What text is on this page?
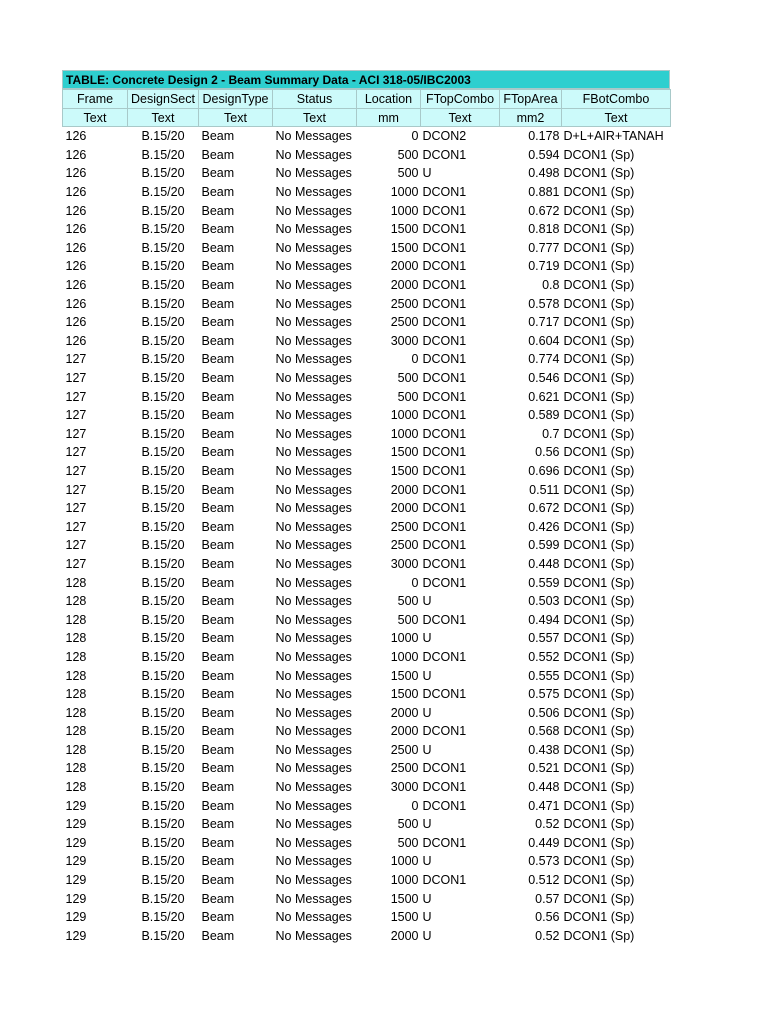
TABLE: Concrete Design 2 - Beam Summary Data - ACI 318-05/IBC2003
Frame	DesignSect	DesignType	Status	Location	FTopCombo	FTopArea	FBotCombo
Text	Text	Text	Text	mm	Text	mm2	Text
126	B.15/20	Beam	No Messages	0	DCON2	0.178	D+L+AIR+TANAH
126	B.15/20	Beam	No Messages	500	DCON1	0.594	DCON1 (Sp)
126	B.15/20	Beam	No Messages	500	U	0.498	DCON1 (Sp)
126	B.15/20	Beam	No Messages	1000	DCON1	0.881	DCON1 (Sp)
126	B.15/20	Beam	No Messages	1000	DCON1	0.672	DCON1 (Sp)
126	B.15/20	Beam	No Messages	1500	DCON1	0.818	DCON1 (Sp)
126	B.15/20	Beam	No Messages	1500	DCON1	0.777	DCON1 (Sp)
126	B.15/20	Beam	No Messages	2000	DCON1	0.719	DCON1 (Sp)
126	B.15/20	Beam	No Messages	2000	DCON1	0.8	DCON1 (Sp)
126	B.15/20	Beam	No Messages	2500	DCON1	0.578	DCON1 (Sp)
126	B.15/20	Beam	No Messages	2500	DCON1	0.717	DCON1 (Sp)
126	B.15/20	Beam	No Messages	3000	DCON1	0.604	DCON1 (Sp)
127	B.15/20	Beam	No Messages	0	DCON1	0.774	DCON1 (Sp)
127	B.15/20	Beam	No Messages	500	DCON1	0.546	DCON1 (Sp)
127	B.15/20	Beam	No Messages	500	DCON1	0.621	DCON1 (Sp)
127	B.15/20	Beam	No Messages	1000	DCON1	0.589	DCON1 (Sp)
127	B.15/20	Beam	No Messages	1000	DCON1	0.7	DCON1 (Sp)
127	B.15/20	Beam	No Messages	1500	DCON1	0.56	DCON1 (Sp)
127	B.15/20	Beam	No Messages	1500	DCON1	0.696	DCON1 (Sp)
127	B.15/20	Beam	No Messages	2000	DCON1	0.511	DCON1 (Sp)
127	B.15/20	Beam	No Messages	2000	DCON1	0.672	DCON1 (Sp)
127	B.15/20	Beam	No Messages	2500	DCON1	0.426	DCON1 (Sp)
127	B.15/20	Beam	No Messages	2500	DCON1	0.599	DCON1 (Sp)
127	B.15/20	Beam	No Messages	3000	DCON1	0.448	DCON1 (Sp)
128	B.15/20	Beam	No Messages	0	DCON1	0.559	DCON1 (Sp)
128	B.15/20	Beam	No Messages	500	U	0.503	DCON1 (Sp)
128	B.15/20	Beam	No Messages	500	DCON1	0.494	DCON1 (Sp)
128	B.15/20	Beam	No Messages	1000	U	0.557	DCON1 (Sp)
128	B.15/20	Beam	No Messages	1000	DCON1	0.552	DCON1 (Sp)
128	B.15/20	Beam	No Messages	1500	U	0.555	DCON1 (Sp)
128	B.15/20	Beam	No Messages	1500	DCON1	0.575	DCON1 (Sp)
128	B.15/20	Beam	No Messages	2000	U	0.506	DCON1 (Sp)
128	B.15/20	Beam	No Messages	2000	DCON1	0.568	DCON1 (Sp)
128	B.15/20	Beam	No Messages	2500	U	0.438	DCON1 (Sp)
128	B.15/20	Beam	No Messages	2500	DCON1	0.521	DCON1 (Sp)
128	B.15/20	Beam	No Messages	3000	DCON1	0.448	DCON1 (Sp)
129	B.15/20	Beam	No Messages	0	DCON1	0.471	DCON1 (Sp)
129	B.15/20	Beam	No Messages	500	U	0.52	DCON1 (Sp)
129	B.15/20	Beam	No Messages	500	DCON1	0.449	DCON1 (Sp)
129	B.15/20	Beam	No Messages	1000	U	0.573	DCON1 (Sp)
129	B.15/20	Beam	No Messages	1000	DCON1	0.512	DCON1 (Sp)
129	B.15/20	Beam	No Messages	1500	U	0.57	DCON1 (Sp)
129	B.15/20	Beam	No Messages	1500	U	0.56	DCON1 (Sp)
129	B.15/20	Beam	No Messages	2000	U	0.52	DCON1 (Sp)
